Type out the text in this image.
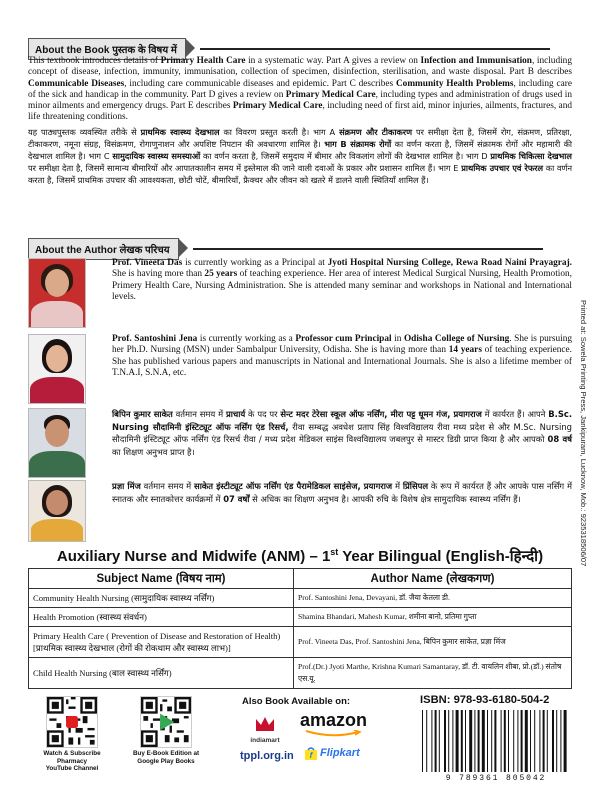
About the Book पुस्तक के विषय में

This textbook introduces details of Primary Health Care in a systematic way. Part A gives a review on Infection and Immunisation, including concept of disease, infection, immunity, immunisation, collection of specimen, disinfection, sterilisation, and waste disposal. Part B describes Communicable Diseases, including care communicable diseases and epidemic. Part C describes Community Health Problems, including care of the sick and handicap in the community. Part D gives a review on Primary Medical Care, including types and administration of drugs used in minor ailments and emergency drugs. Part E describes Primary Medical Care, including need of first aid, minor injuries, ailments, fractures, and life threatening conditions.

यह पाठ्यपुस्तक व्यवस्थित तरीके से प्राथमिक स्वास्थ्य देखभाल का विवरण प्रस्तुत करती है। भाग A संक्रमण और टीकाकरण पर समीक्षा देता है, जिसमें रोग, संक्रमण, प्रतिरक्षा, टीकाकरण, नमूना संग्रह, विसंक्रमण, रोगाणुनाशन और अपशिष्ट निपटान की अवधारणा शामिल है। भाग B संक्रामक रोगों का वर्णन करता है, जिसमें संक्रामक रोगों और महामारी की देखभाल शामिल है। भाग C सामुदायिक स्वास्थ्य समस्याओं का वर्णन करता है, जिसमें समुदाय में बीमार और विकलांग लोगों की देखभाल शामिल है। भाग D प्राथमिक चिकित्सा देखभाल पर समीक्षा देता है, जिसमें सामान्य बीमारियों और आपातकालीन समय में इस्तेमाल की जाने वाली दवाओं के प्रकार और प्रशासन शामिल हैं। भाग E प्राथमिक उपचार एवं रेफरल का वर्णन करता है, जिसमें प्राथमिक उपचार की आवश्यकता, छोटी चोटें, बीमारियाँ, फ्रैक्चर और जीवन को खतरे में डालने वाली स्थितियाँ शामिल हैं।

About the Author लेखक परिचय
Prof. Vineeta Das is currently working as a Principal at Jyoti Hospital Nursing College, Rewa Road Naini Prayagraj. She is having more than 25 years of teaching experience. Her area of interest Medical Surgical Nursing, Health Promotion, Primery Health Care, Nursing Administration. She is attended many seminar and workshops in National and International levels.
Prof. Santoshini Jena is currently working as a Professor cum Principal in Odisha College of Nursing. She is pursuing her Ph.D. Nursing (MSN) under Sambalpur University, Odisha. She is having more than 14 years of teaching experience. She has published various papers and manuscripts in National and International Journals. She is also a lifetime member of T.N.A.I, S.N.A, etc.
बिपिन कुमार साकेत वर्तमान समय में प्राचार्य के पद पर सेन्ट मदर टेरेसा स्कूल ऑफ नर्सिंग, मीरा पट्ट धूमन गंज, प्रयागराज में कार्यरत हैं। आपने B.Sc. Nursing सौदामिनी इंस्टिट्यूट ऑफ नर्सिंग एंड रिसर्च, रीवा सम्बद्ध अवधेश प्रताप सिंह विश्वविद्यालय रीवा मध्य प्रदेश से और M.Sc. Nursing सौदामिनी इंस्टिट्यूट ऑफ नर्सिंग एंड रिसर्च रीवा / मध्य प्रदेश मेडिकल साइंस विश्वविद्यालय जबलपुर से मास्टर डिग्री प्राप्त किया है और आपको 08 वर्ष का शिक्षण अनुभव प्राप्त है।
प्रज्ञा मिंज वर्तमान समय में साकेत इंस्टीट्यूट ऑफ नर्सिंग एंड पैरामेडिकल साइंसेज, प्रयागराज में प्रिंसिपल के रूप में कार्यरत हैं और आपके पास नर्सिंग में स्नातक और स्नातकोत्तर कार्यक्रमों में 07 वर्षों से अधिक का शिक्षण अनुभव है। आपकी रुचि के विशेष क्षेत्र सामुदायिक स्वास्थ्य नर्सिंग हैं।
Auxiliary Nurse and Midwife (ANM) – 1st Year Bilingual (English-हिन्दी)
Subject Name (विषय नाम)	Author Name (लेखकगण)
Community Health Nursing (सामुदायिक स्वास्थ्य नर्सिंग)	Prof. Santoshini Jena, Devayani, डॉ. जैया केतला डी.
Health Promotion (स्वास्थ्य संवर्धन)	Shamina Bhandari, Mahesh Kumar, शमीना बानो, प्रतिमा गुप्ता

Primary Health Care ( Prevention of Disease and Restoration of Health)
[प्राथमिक स्वास्थ्य देखभाल (रोगों की रोकथाम और स्वास्थ्य लाभ)]	Prof. Vineeta Das, Prof. Santoshini Jena, बिपिन कुमार साकेत, प्रज्ञा मिंज
Child Health Nursing (बाल स्वास्थ्य नर्सिंग)	Prof.(Dr.) Jyoti Marthe, Krishna Kumari Samantaray, डॉ. टी. वायलिन शीबा, प्रो.(डॉ.) संतोष एस.यू.
Printed at: Sowela Printing Press, Jankipuram, Lucknow, Mob.: 9235318506/07
Watch & Subscribe
Pharmacy
YouTube Channel
Buy E-Book Edition at
Google Play Books
Also Book Available on:
indiamart
amazon
tppl.org.in f Flipkart
ISBN: 978-93-6180-504-2
9 789361 805042
